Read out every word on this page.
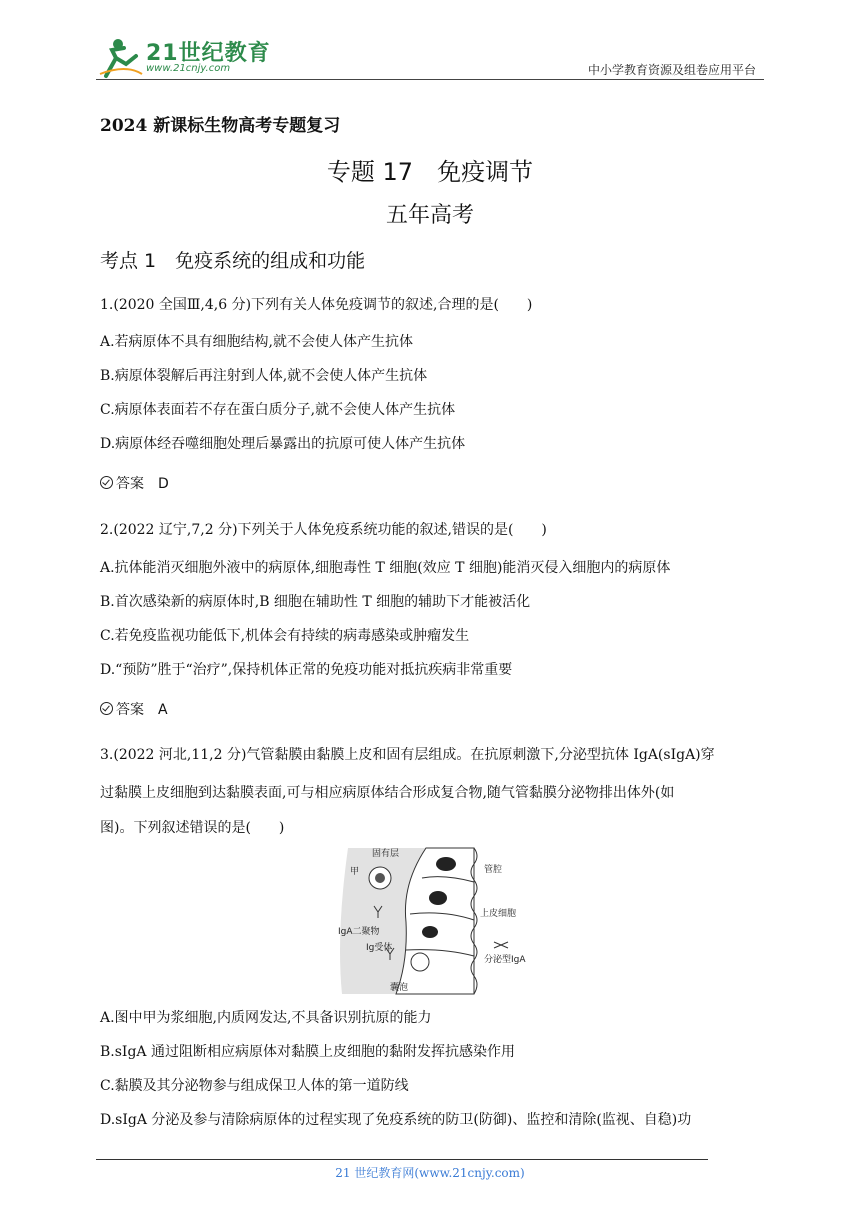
21世纪教育
www.21cnjy.com	中小学教育资源及组卷应用平台
2024 新课标生物高考专题复习
专题 17　免疫调节
五年高考
考点 1　免疫系统的组成和功能
1.(2020 全国Ⅲ,4,6 分)下列有关人体免疫调节的叙述,合理的是(　　)
A.若病原体不具有细胞结构,就不会使人体产生抗体
B.病原体裂解后再注射到人体,就不会使人体产生抗体
C.病原体表面若不存在蛋白质分子,就不会使人体产生抗体
D.病原体经吞噬细胞处理后暴露出的抗原可使人体产生抗体
答案 D
2.(2022 辽宁,7,2 分)下列关于人体免疫系统功能的叙述,错误的是(　　)
A.抗体能消灭细胞外液中的病原体,细胞毒性 T 细胞(效应 T 细胞)能消灭侵入细胞内的病原体
B.首次感染新的病原体时,B 细胞在辅助性 T 细胞的辅助下才能被活化
C.若免疫监视功能低下,机体会有持续的病毒感染或肿瘤发生
D.“预防”胜于“治疗”,保持机体正常的免疫功能对抵抗疾病非常重要
答案 A
3.(2022 河北,11,2 分)气管黏膜由黏膜上皮和固有层组成。在抗原刺激下,分泌型抗体 IgA(sIgA)穿
过黏膜上皮细胞到达黏膜表面,可与相应病原体结合形成复合物,随气管黏膜分泌物排出体外(如
图)。下列叙述错误的是(　　)
固有层
甲	管腔
上皮细胞
IgA二聚物
Ig受体
分泌型IgA
囊泡
A.图中甲为浆细胞,内质网发达,不具备识别抗原的能力
B.sIgA 通过阻断相应病原体对黏膜上皮细胞的黏附发挥抗感染作用
C.黏膜及其分泌物参与组成保卫人体的第一道防线
D.sIgA 分泌及参与清除病原体的过程实现了免疫系统的防卫(防御)、监控和清除(监视、自稳)功
21 世纪教育网(www.21cnjy.com)
